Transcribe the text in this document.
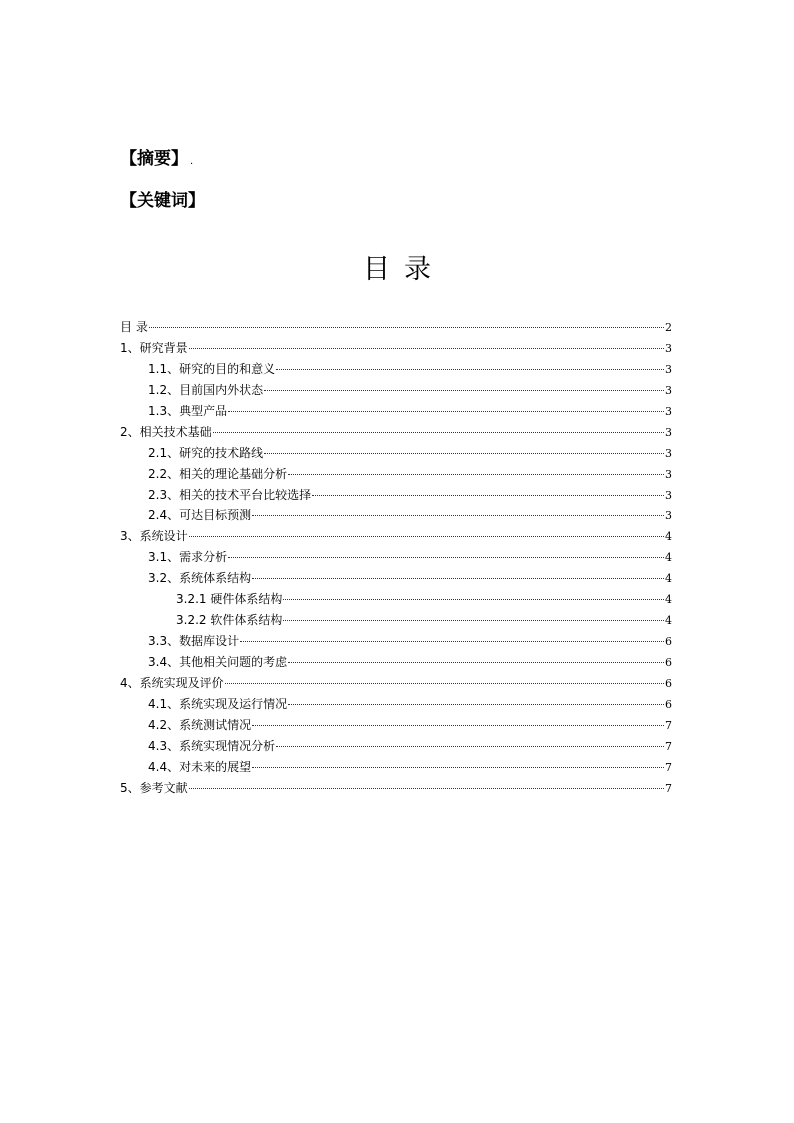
【摘要】 .
【关键词】
目录
目 录	2
1、研究背景	3
1.1、研究的目的和意义	3
1.2、目前国内外状态	3
1.3、典型产品	3
2、相关技术基础	3
2.1、研究的技术路线	3
2.2、相关的理论基础分析	3
2.3、相关的技术平台比较选择	3
2.4、可达目标预测	3
3、系统设计	4
3.1、需求分析	4
3.2、系统体系结构	4
3.2.1 硬件体系结构	4
3.2.2 软件体系结构	4
3.3、数据库设计	6
3.4、其他相关问题的考虑	6
4、系统实现及评价	6
4.1、系统实现及运行情况	6
4.2、系统测试情况	7
4.3、系统实现情况分析	7
4.4、对未来的展望	7
5、参考文献	7
